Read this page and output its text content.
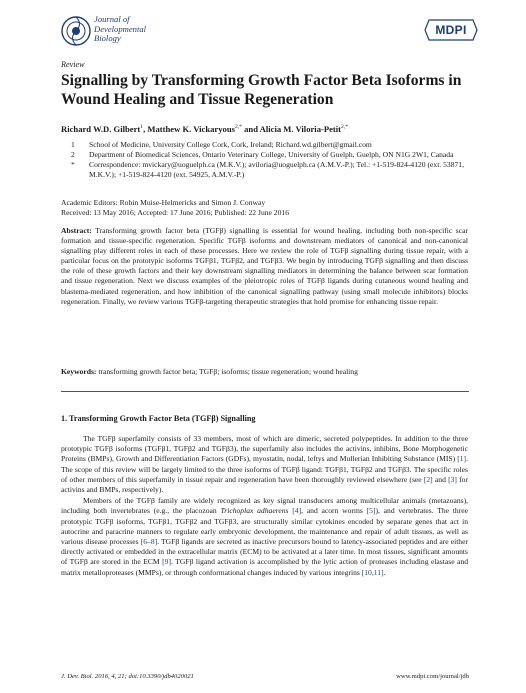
Journal of
Developmental
Biology
MDPI
Review
Signalling by Transforming Growth Factor Beta Isoforms in Wound Healing and Tissue Regeneration
Richard W.D. Gilbert$^1$, Matthew K. Vickaryous$^{2,*}$ and Alicia M. Viloria-Petit$^{2,*}$
1 School of Medicine, University College Cork, Cork, Ireland; Richard.wd.gilbert@gmail.com
2 Department of Biomedical Sciences, Ontario Veterinary College, University of Guelph, Guelph, ON N1G 2W1, Canada
* Correspondence: mvickary@uoguelph.ca (M.K.V.); aviloria@uoguelph.ca (A.M.V.-P.); Tel.: +1-519-824-4120 (ext. 53871, M.K.V.); +1-519-824-4120 (ext. 54925, A.M.V.-P.)
Academic Editors: Robin Muise-Helmericks and Simon J. Conway
Received: 13 May 2016; Accepted: 17 June 2016; Published: 22 June 2016
Abstract: Transforming growth factor beta (TGFβ) signalling is essential for wound healing, including both non-specific scar formation and tissue-specific regeneration. Specific TGFβ isoforms and downstream mediators of canonical and non-canonical signalling play different roles in each of these processes. Here we review the role of TGFβ signalling during tissue repair, with a particular focus on the prototypic isoforms TGFβ1, TGFβ2, and TGFβ3. We begin by introducing TGFβ signalling and then discuss the role of these growth factors and their key downstream signalling mediators in determining the balance between scar formation and tissue regeneration. Next we discuss examples of the pleiotropic roles of TGFβ ligands during cutaneous wound healing and blastema-mediated regeneration, and how inhibition of the canonical signalling pathway (using small molecule inhibitors) blocks regeneration. Finally, we review various TGFβ-targeting therapeutic strategies that hold promise for enhancing tissue repair.
Keywords: transforming growth factor beta; TGFβ; isoforms; tissue regeneration; wound healing
1. Transforming Growth Factor Beta (TGFβ) Signalling

The TGFβ superfamily consists of 33 members, most of which are dimeric, secreted polypeptides. In addition to the three prototypic TGFβ isoforms (TGFβ1, TGFβ2 and TGFβ3), the superfamily also includes the activins, inhibins, Bone Morphogenetic Proteins (BMPs), Growth and Differentiation Factors (GDFs), myostatin, nodal, leftys and Mullerian Inhibiting Substance (MIS) [1]. The scope of this review will be largely limited to the three isoforms of TGFβ ligand: TGFβ1, TGFβ2 and TGFβ3. The specific roles of other members of this superfamily in tissue repair and regeneration have been thoroughly reviewed elsewhere (see [2] and [3] for activins and BMPs, respectively).

Members of the TGFβ family are widely recognized as key signal transducers among multicellular animals (metazoans), including both invertebrates (e.g., the placozoan Trichoplax adhaerens [4], and acorn worms [5]), and vertebrates. The three prototypic TGFβ isoforms, TGFβ1, TGFβ2 and TGFβ3, are structurally similar cytokines encoded by separate genes that act in autocrine and paracrine manners to regulate early embryonic development, the maintenance and repair of adult tissues, as well as various disease processes [6–8]. TGFβ ligands are secreted as inactive precursors bound to latency-associated peptides and are either directly activated or embedded in the extracellular matrix (ECM) to be activated at a later time. In most tissues, significant amounts of TGFβ are stored in the ECM [9]. TGFβ ligand activation is accomplished by the lytic action of proteases including elastase and matrix metalloproteases (MMPs), or through conformational changes induced by various integrins [10,11].

J. Dev. Biol. 2016, 4, 21; doi:10.3390/jdb4020021	www.mdpi.com/journal/jdb
